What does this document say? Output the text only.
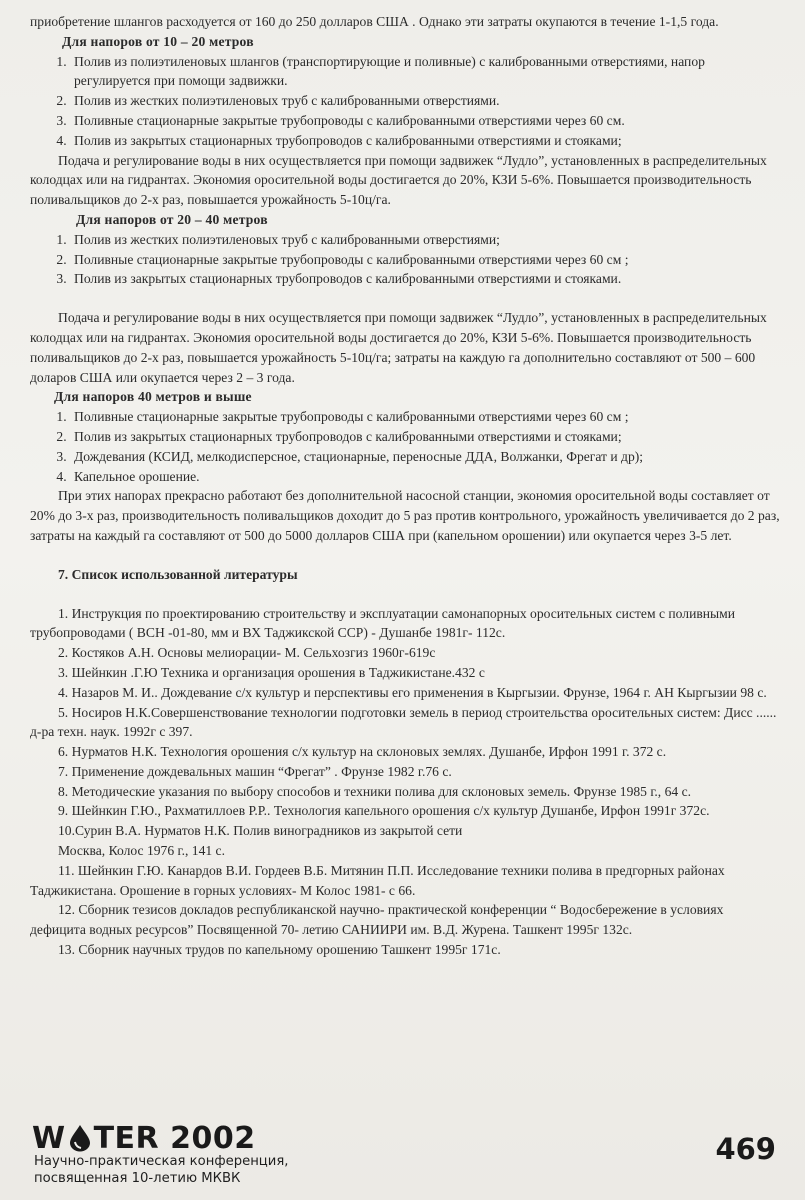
приобретение шлангов расходуется от 160 до 250 долларов США . Однако эти затраты окупаются в течение 1-1,5 года.

Для напоров от 10 – 20 метров

1. Полив из полиэтиленовых шлангов (транспортирующие и поливные) с калиброванными отверстиями, напор регулируется при помощи задвижки.
2. Полив из жестких полиэтиленовых труб с калиброванными отверстиями.
3. Поливные стационарные закрытые трубопроводы с калиброванными отверстиями через 60 см.
4. Полив из закрытых стационарных трубопроводов с калиброванными отверстиями и стояками;

Подача и регулирование воды в них осуществляется при помощи задвижек “Лудло”, установленных в распределительных колодцах или на гидрантах. Экономия оросительной воды достигается до 20%, КЗИ 5-6%. Повышается производительность поливальщиков до 2-х раз, повышается урожайность 5-10ц/га.

Для напоров от 20 – 40 метров

1. Полив из жестких полиэтиленовых труб с калиброванными отверстиями;
2. Поливные стационарные закрытые трубопроводы с калиброванными отверстиями через 60 см ;
3. Полив из закрытых стационарных трубопроводов с калиброванными отверстиями и стояками.

Подача и регулирование воды в них осуществляется при помощи задвижек “Лудло”, установленных в распределительных колодцах или на гидрантах. Экономия оросительной воды достигается до 20%, КЗИ 5-6%. Повышается производительность поливальщиков до 2-х раз, повышается урожайность 5-10ц/га; затраты на каждую га дополнительно составляют от 500 – 600 доларов США или окупается через 2 – 3 года.

Для напоров 40 метров и выше

1. Поливные стационарные закрытые трубопроводы с калиброванными отверстиями через 60 см ;
2. Полив из закрытых стационарных трубопроводов с калиброванными отверстиями и стояками;
3. Дождевания (КСИД, мелкодисперсное, стационарные, переносные ДДА, Волжанки, Фрегат и др);
4. Капельное орошение.

При этих напорах прекрасно работают без дополнительной насосной станции, экономия оросительной воды составляет от 20% до 3-х раз, производительность поливальщиков доходит до 5 раз против контрольного, урожайность увеличивается до 2 раз, затраты на каждый га составляют от 500 до 5000 долларов США при (капельном орошении) или окупается через 3-5 лет.

7. Список использованной литературы

1. Инструкция по проектированию строительству и эксплуатации самонапорных оросительных систем с поливными трубопроводами ( ВСН -01-80, мм и ВХ Таджикской ССР) - Душанбе 1981г- 112с.
2. Костяков А.Н. Основы мелиорации- М. Сельхозгиз 1960г-619с
3. Шейнкин .Г.Ю Техника и организация орошения в Таджикистане.432 с
4. Назаров М. И.. Дождевание с/х культур и перспективы его применения в Кыргызии. Фрунзе, 1964 г. АН Кыргызии 98 с.
5. Носиров Н.К.Совершенствование технологии подготовки земель в период строительства оросительных систем: Дисс ...... д-ра техн. наук. 1992г с 397.
6. Нурматов Н.К. Технология орошения с/х культур на склоновых землях. Душанбе, Ирфон 1991 г. 372 с.
7. Применение дождевальных машин “Фрегат” . Фрунзе 1982 г.76 с.
8. Методические указания по выбору способов и техники полива для склоновых земель. Фрунзе 1985 г., 64 с.
9. Шейнкин Г.Ю., Рахматиллоев Р.Р.. Технология капельного орошения с/х культур Душанбе, Ирфон 1991г 372с.
10.Сурин В.А. Нурматов Н.К. Полив виноградников из закрытой сети
Москва, Колос 1976 г., 141 с.
11. Шейнкин Г.Ю. Канардов В.И. Гордеев В.Б. Митянин П.П. Исследование техники полива в предгорных районах Таджикистана. Орошение в горных условиях- М Колос 1981- с 66.
12. Сборник тезисов докладов республиканской научно- практической конференции “ Водосбережение в условиях дефицита водных ресурсов” Посвященной 70- летию САНИИРИ им. В.Д. Журена. Ташкент 1995г 132с.
13. Сборник научных трудов по капельному орошению Ташкент 1995г 171с.
W TER 2002
Научно-практическая конференция,
посвященная 10-летию МКВК
469
